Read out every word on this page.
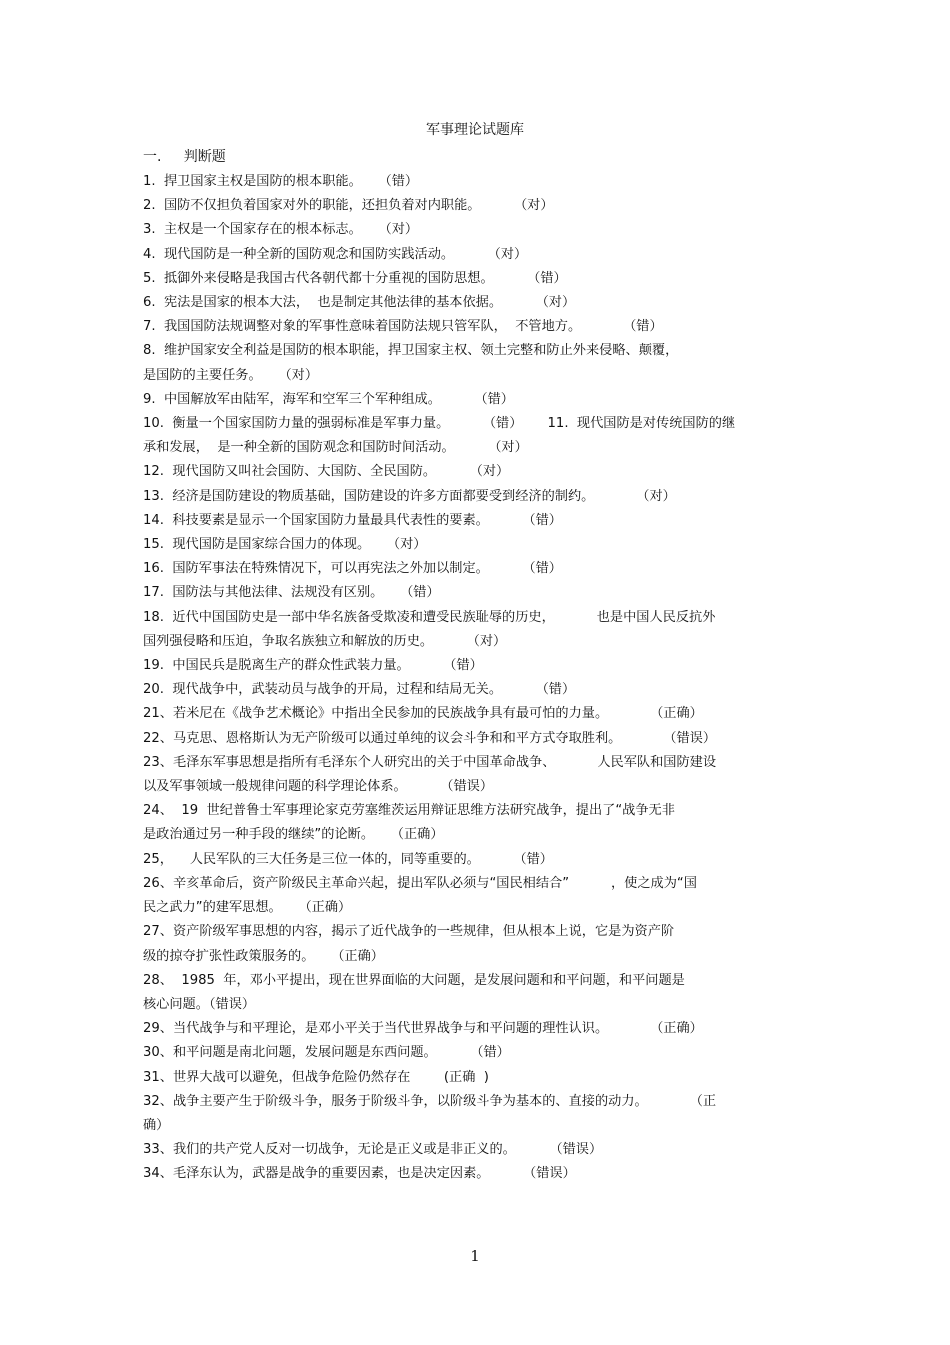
军事理论试题库
一.     判断题

1.  捍卫国家主权是国防的根本职能。    （错）

2.  国防不仅担负着国家对外的职能，还担负着对内职能。        （对）

3.  主权是一个国家存在的根本标志。    （对）

4.  现代国防是一种全新的国防观念和国防实践活动。        （对）

5.  抵御外来侵略是我国古代各朝代都十分重视的国防思想。        （错）

6.  宪法是国家的根本大法，  也是制定其他法律的基本依据。        （对）

7.  我国国防法规调整对象的军事性意味着国防法规只管军队，  不管地方。          （错）

8.  维护国家安全利益是国防的根本职能，捍卫国家主权、领土完整和防止外来侵略、颠覆，
是国防的主要任务。    （对）

9.  中国解放军由陆军，海军和空军三个军种组成。        （错）

10.  衡量一个国家国防力量的强弱标准是军事力量。        （错）      11.  现代国防是对传统国防的继
承和发展，  是一种全新的国防观念和国防时间活动。        （对）

12.  现代国防又叫社会国防、大国防、全民国防。        （对）

13.  经济是国防建设的物质基础，国防建设的许多方面都要受到经济的制约。          （对）

14.  科技要素是显示一个国家国防力量最具代表性的要素。        （错）

15.  现代国防是国家综合国力的体现。    （对）

16.  国防军事法在特殊情况下，可以再宪法之外加以制定。        （错）

17.  国防法与其他法律、法规没有区别。    （错）

18.  近代中国国防史是一部中华名族备受欺凌和遭受民族耻辱的历史，          也是中国人民反抗外
国列强侵略和压迫，争取名族独立和解放的历史。        （对）

19.  中国民兵是脱离生产的群众性武装力量。        （错）

20.  现代战争中，武装动员与战争的开局，过程和结局无关。        （错）

21、若米尼在《战争艺术概论》中指出全民参加的民族战争具有最可怕的力量。          （正确）

22、马克思、恩格斯认为无产阶级可以通过单纯的议会斗争和和平方式夺取胜利。          （错误）

23、毛泽东军事思想是指所有毛泽东个人研究出的关于中国革命战争、          人民军队和国防建设
以及军事领域一般规律问题的科学理论体系。        （错误）

24、  19  世纪普鲁士军事理论家克劳塞维茨运用辩证思维方法研究战争，提出了“战争无非
是政治通过另一种手段的继续”的论断。    （正确）

25，    人民军队的三大任务是三位一体的，同等重要的。        （错）

26、辛亥革命后，资产阶级民主革命兴起，提出军队必须与“国民相结合”          ，使之成为“国
民之武力”的建军思想。    （正确）

27、资产阶级军事思想的内容，揭示了近代战争的一些规律，但从根本上说，它是为资产阶
级的掠夺扩张性政策服务的。    （正确）

28、  1985  年，邓小平提出，现在世界面临的大问题，是发展问题和和平问题，和平问题是
核心问题。（错误）

29、当代战争与和平理论，是邓小平关于当代世界战争与和平问题的理性认识。          （正确）

30、和平问题是南北问题，发展问题是东西问题。        （错）

31、世界大战可以避免，但战争危险仍然存在        (正确  )

32、战争主要产生于阶级斗争，服务于阶级斗争，以阶级斗争为基本的、直接的动力。          （正
确）

33、我们的共产党人反对一切战争，无论是正义或是非正义的。        （错误）

34、毛泽东认为，武器是战争的重要因素，也是决定因素。        （错误）

1
